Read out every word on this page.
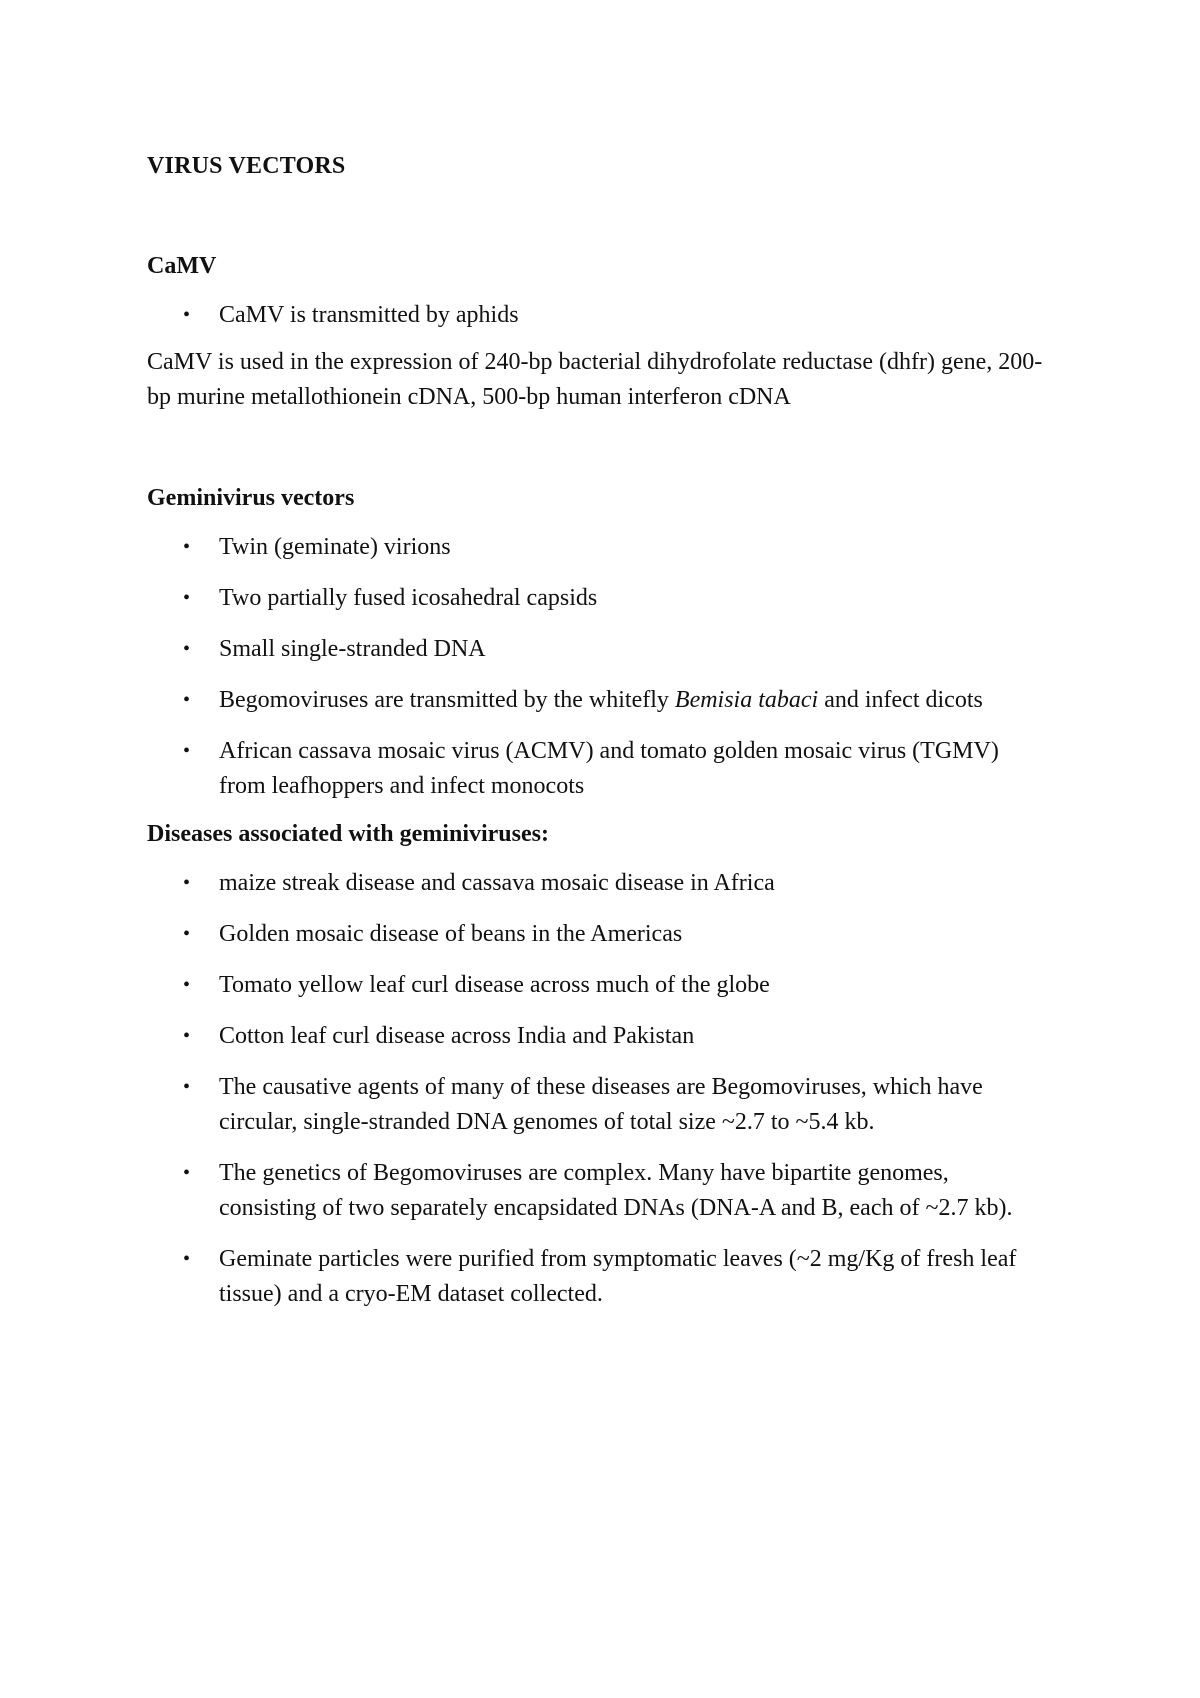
VIRUS VECTORS
CaMV
• CaMV is transmitted by aphids

CaMV is used in the expression of 240-bp bacterial dihydrofolate reductase (dhfr) gene, 200-bp murine metallothionein cDNA, 500-bp human interferon cDNA

Geminivirus vectors
• Twin (geminate) virions
• Two partially fused icosahedral capsids
• Small single-stranded DNA
• Begomoviruses are transmitted by the whitefly Bemisia tabaci and infect dicots
• African cassava mosaic virus (ACMV) and tomato golden mosaic virus (TGMV) from leafhoppers and infect monocots
Diseases associated with geminiviruses:
• maize streak disease and cassava mosaic disease in Africa
• Golden mosaic disease of beans in the Americas
• Tomato yellow leaf curl disease across much of the globe
• Cotton leaf curl disease across India and Pakistan
• The causative agents of many of these diseases are Begomoviruses, which have circular, single-stranded DNA genomes of total size ~2.7 to ~5.4 kb.
• The genetics of Begomoviruses are complex. Many have bipartite genomes, consisting of two separately encapsidated DNAs (DNA-A and B, each of ~2.7 kb).
• Geminate particles were purified from symptomatic leaves (~2 mg/Kg of fresh leaf tissue) and a cryo-EM dataset collected.
